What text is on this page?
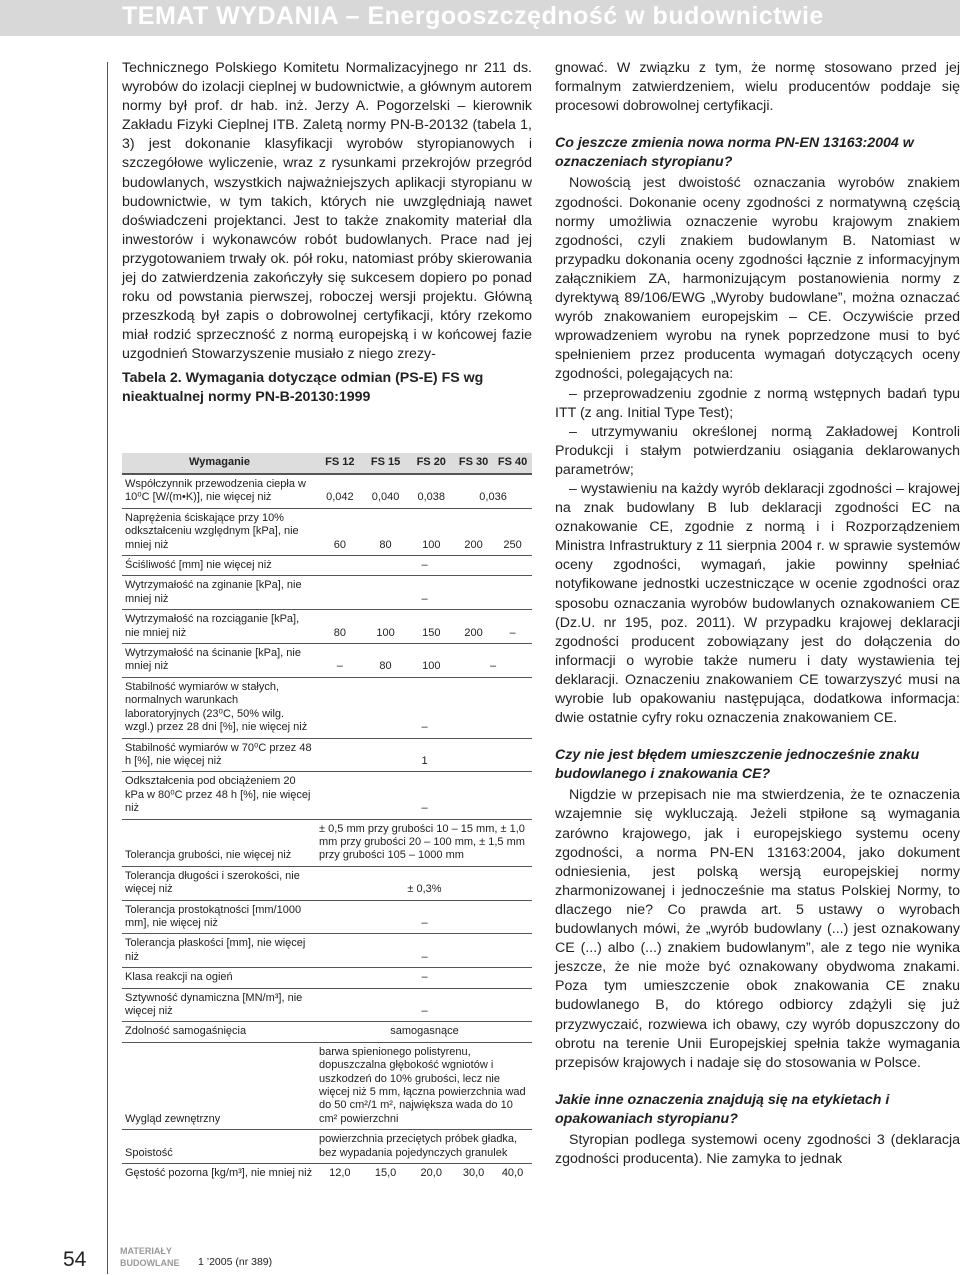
TEMAT WYDANIA – Energooszczędność w budownictwie

Technicznego Polskiego Komitetu Normalizacyjnego nr 211 ds. wyrobów do izolacji cieplnej w budownictwie, a głównym autorem normy był prof. dr hab. inż. Jerzy A. Pogorzelski – kierownik Zakładu Fizyki Cieplnej ITB. Zaletą normy PN-B-20132 (tabela 1, 3) jest dokonanie klasyfikacji wyrobów styropianowych i szczegółowe wyliczenie, wraz z rysunkami przekrojów przegród budowlanych, wszystkich najważniejszych aplikacji styropianu w budownictwie, w tym takich, których nie uwzględniają nawet doświadczeni projektanci. Jest to także znakomity materiał dla inwestorów i wykonawców robót budowlanych. Prace nad jej przygotowaniem trwały ok. pół roku, natomiast próby skierowania jej do zatwierdzenia zakończyły się sukcesem dopiero po ponad roku od powstania pierwszej, roboczej wersji projektu. Główną przeszkodą był zapis o dobrowolnej certyfikacji, który rzekomo miał rodzić sprzeczność z normą europejską i w końcowej fazie uzgodnień Stowarzyszenie musiało z niego zrezy-

Tabela 2. Wymagania dotyczące odmian (PS-E) FS wg nieaktualnej normy PN-B-20130:1999

Wymaganie	FS 12	FS 15	FS 20	FS 30	FS 40
Współczynnik przewodzenia ciepła w 10⁰C [W/(m•K)], nie więcej niż	0,042	0,040	0,038	0,036	
Naprężenia ściskające przy 10% odkształceniu względnym [kPa], nie mniej niż	60	80	100	200	250
Ściśliwość [mm] nie więcej niż	–				
Wytrzymałość na zginanie [kPa], nie mniej niż	–				
Wytrzymałość na rozciąganie [kPa], nie mniej niż	80	100	150	200	–
Wytrzymałość na ścinanie [kPa], nie mniej niż	–	80	100	–	
Stabilność wymiarów w stałych, normalnych warunkach laboratoryjnych (23⁰C, 50% wilg. wzgl.) przez 28 dni [%], nie więcej niż	–				
Stabilność wymiarów w 70⁰C przez 48 h [%], nie więcej niż	1				
Odkształcenia pod obciążeniem 20 kPa w 80⁰C przez 48 h [%], nie więcej niż	–				
Tolerancja grubości, nie więcej niż	± 0,5 mm przy grubości 10 – 15 mm, ± 1,0 mm przy grubości 20 – 100 mm, ± 1,5 mm przy grubości 105 – 1000 mm				
Tolerancja długości i szerokości, nie więcej niż	± 0,3%				
Tolerancja prostokątności [mm/1000 mm], nie więcej niż	–				
Tolerancja płaskości [mm], nie więcej niż	–				
Klasa reakcji na ogień	–				
Sztywność dynamiczna [MN/m³], nie więcej niż	–				
Zdolność samogaśnięcia	samogasnące				
Wygląd zewnętrzny	barwa spienionego polistyrenu, dopuszczalna głębokość wgniotów i uszkodzeń do 10% grubości, lecz nie więcej niż 5 mm, łączna powierzchnia wad do 50 cm²/1 m², największa wada do 10 cm² powierzchni				
Spoistość	powierzchnia przeciętych próbek gładka, bez wypadania pojedynczych granulek				
Gęstość pozorna [kg/m³], nie mniej niż	12,0	15,0	20,0	30,0	40,0

gnować. W związku z tym, że normę stosowano przed jej formalnym zatwierdzeniem, wielu producentów poddaje się procesowi dobrowolnej certyfikacji.

Co jeszcze zmienia nowa norma PN-EN 13163:2004 w oznaczeniach styropianu?

Nowością jest dwoistość oznaczania wyrobów znakiem zgodności. Dokonanie oceny zgodności z normatywną częścią normy umożliwia oznaczenie wyrobu krajowym znakiem zgodności, czyli znakiem budowlanym B. Natomiast w przypadku dokonania oceny zgodności łącznie z informacyjnym załącznikiem ZA, harmonizującym postanowienia normy z dyrektywą 89/106/EWG „Wyroby budowlane”, można oznaczać wyrób znakowaniem europejskim – CE. Oczywiście przed wprowadzeniem wyrobu na rynek poprzedzone musi to być spełnieniem przez producenta wymagań dotyczących oceny zgodności, polegających na:

– przeprowadzeniu zgodnie z normą wstępnych badań typu ITT (z ang. Initial Type Test);

– utrzymywaniu określonej normą Zakładowej Kontroli Produkcji i stałym potwierdzaniu osiągania deklarowanych parametrów;

– wystawieniu na każdy wyrób deklaracji zgodności – krajowej na znak budowlany B lub deklaracji zgodności EC na oznakowanie CE, zgodnie z normą i i Rozporządzeniem Ministra Infrastruktury z 11 sierpnia 2004 r. w sprawie systemów oceny zgodności, wymagań, jakie powinny spełniać notyfikowane jednostki uczestniczące w ocenie zgodności oraz sposobu oznaczania wyrobów budowlanych oznakowaniem CE (Dz.U. nr 195, poz. 2011). W przypadku krajowej deklaracji zgodności producent zobowiązany jest do dołączenia do informacji o wyrobie także numeru i daty wystawienia tej deklaracji. Oznaczeniu znakowaniem CE towarzyszyć musi na wyrobie lub opakowaniu następująca, dodatkowa informacja: dwie ostatnie cyfry roku oznaczenia znakowaniem CE.

Czy nie jest błędem umieszczenie jednocześnie znaku budowlanego i znakowania CE?

Nigdzie w przepisach nie ma stwierdzenia, że te oznaczenia wzajemnie się wykluczają. Jeżeli stpiłone są wymagania zarówno krajowego, jak i europejskiego systemu oceny zgodności, a norma PN-EN 13163:2004, jako dokument odniesienia, jest polską wersją europejskiej normy zharmonizowanej i jednocześnie ma status Polskiej Normy, to dlaczego nie? Co prawda art. 5 ustawy o wyrobach budowlanych mówi, że „wyrób budowlany (...) jest oznakowany CE (...) albo (...) znakiem budowlanym”, ale z tego nie wynika jeszcze, że nie może być oznakowany obydwoma znakami. Poza tym umieszczenie obok znakowania CE znaku budowlanego B, do którego odbiorcy zdążyli się już przyzwyczaić, rozwiewa ich obawy, czy wyrób dopuszczony do obrotu na terenie Unii Europejskiej spełnia także wymagania przepisów krajowych i nadaje się do stosowania w Polsce.

Jakie inne oznaczenia znajdują się na etykietach i opakowaniach styropianu?

Styropian podlega systemowi oceny zgodności 3 (deklaracja zgodności producenta). Nie zamyka to jednak

54	MATERIAŁY
BUDOWLANE 1 ’2005 (nr 389)
